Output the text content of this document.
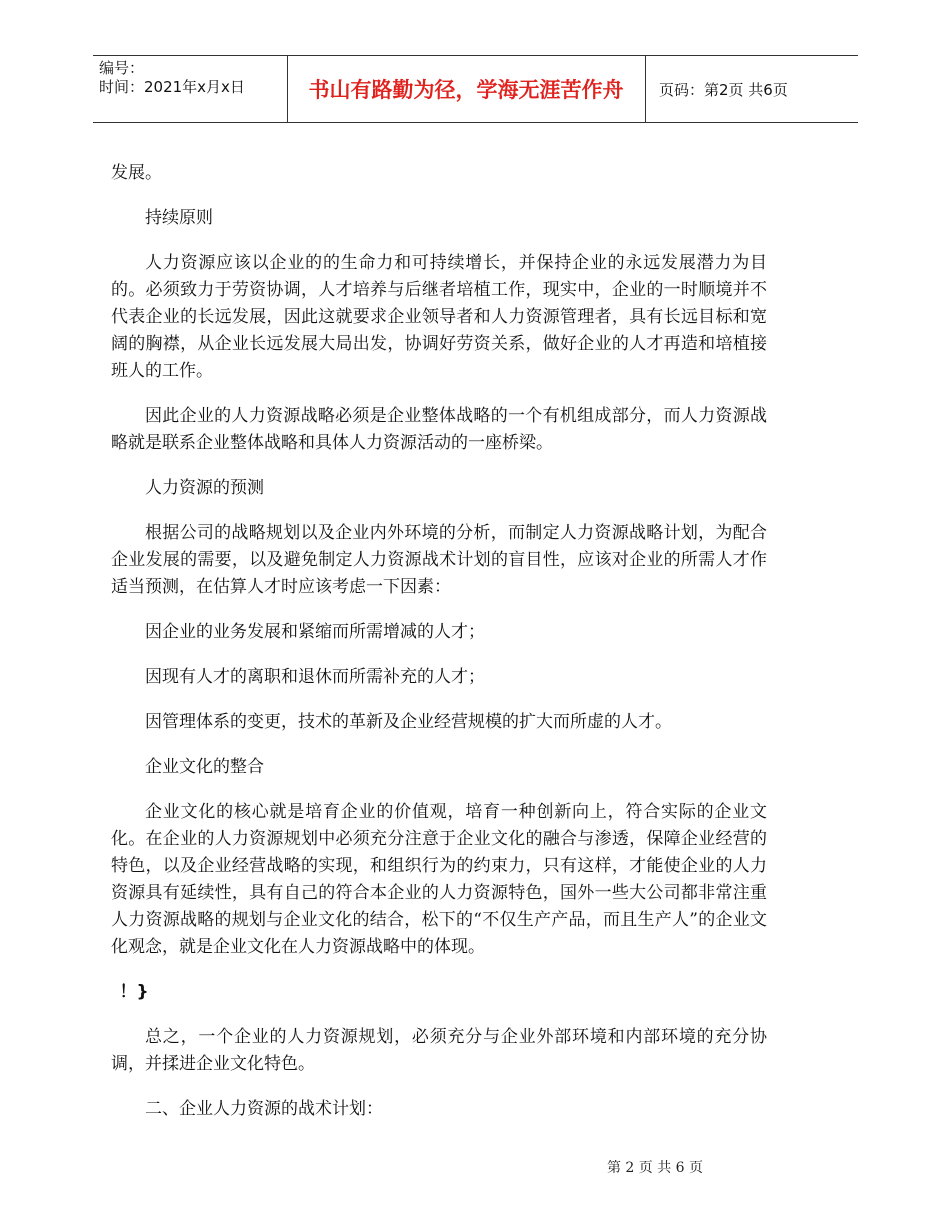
编号：
时间：2021年x月x日	书山有路勤为径，学海无涯苦作舟	页码：第2页 共6页

发展。

持续原则

人力资源应该以企业的的生命力和可持续增长，并保持企业的永远发展潜力为目的。必须致力于劳资协调，人才培养与后继者培植工作，现实中，企业的一时顺境并不代表企业的长远发展，因此这就要求企业领导者和人力资源管理者，具有长远目标和宽阔的胸襟，从企业长远发展大局出发，协调好劳资关系，做好企业的人才再造和培植接班人的工作。

因此企业的人力资源战略必须是企业整体战略的一个有机组成部分，而人力资源战略就是联系企业整体战略和具体人力资源活动的一座桥梁。

人力资源的预测

根据公司的战略规划以及企业内外环境的分析，而制定人力资源战略计划，为配合企业发展的需要，以及避免制定人力资源战术计划的盲目性，应该对企业的所需人才作适当预测，在估算人才时应该考虑一下因素：

因企业的业务发展和紧缩而所需增减的人才；

因现有人才的离职和退休而所需补充的人才；

因管理体系的变更，技术的革新及企业经营规模的扩大而所虚的人才。

企业文化的整合

企业文化的核心就是培育企业的价值观，培育一种创新向上，符合实际的企业文化。在企业的人力资源规划中必须充分注意于企业文化的融合与渗透，保障企业经营的特色，以及企业经营战略的实现，和组织行为的约束力，只有这样，才能使企业的人力资源具有延续性，具有自己的符合本企业的人力资源特色，国外一些大公司都非常注重人力资源战略的规划与企业文化的结合，松下的“不仅生产产品，而且生产人”的企业文化观念，就是企业文化在人力资源战略中的体现。

！}

总之，一个企业的人力资源规划，必须充分与企业外部环境和内部环境的充分协调，并揉进企业文化特色。

二、企业人力资源的战术计划：

第 2 页 共 6 页
